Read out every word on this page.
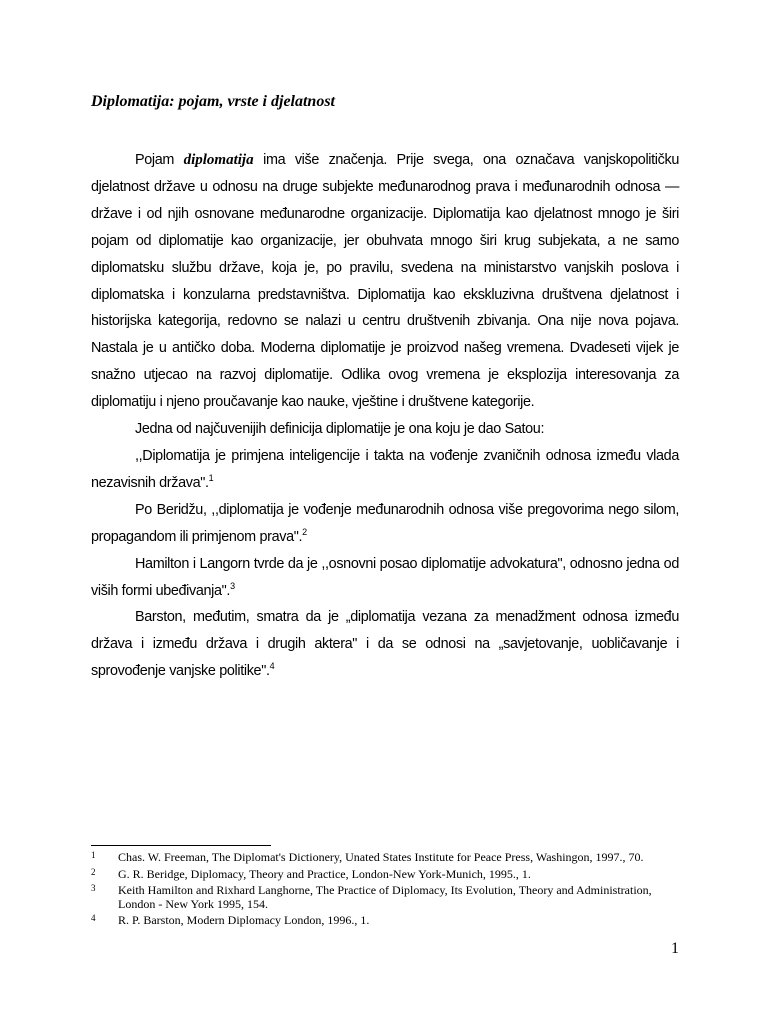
Diplomatija: pojam, vrste i djelatnost

Pojam diplomatija ima više značenja. Prije svega, ona označava vanjskopolitičku djelatnost države u odnosu na druge subjekte međunarodnog prava i međunarodnih odnosa — države i od njih osnovane međunarodne organizacije. Diplomatija kao djelatnost mnogo je širi pojam od diplomatije kao organizacije, jer obuhvata mnogo širi krug subjekata, a ne samo diplomatsku službu države, koja je, po pravilu, svedena na ministarstvo vanjskih poslova i diplomatska i konzularna predstavništva. Diplomatija kao ekskluzivna društvena djelatnost i historijska kategorija, redovno se nalazi u centru društvenih zbivanja. Ona nije nova pojava. Nastala je u antičko doba. Moderna diplomatije je proizvod našeg vremena. Dvadeseti vijek je snažno utjecao na razvoj diplomatije. Odlika ovog vremena je eksplozija interesovanja za diplomatiju i njeno proučavanje kao nauke, vještine i društvene kategorije.

Jedna od najčuvenijih definicija diplomatije je ona koju je dao Satou:

,,Diplomatija je primjena inteligencije i takta na vođenje zvaničnih odnosa između vlada nezavisnih država".$^1$

Po Beridžu, ,,diplomatija je vođenje međunarodnih odnosa više pregovorima nego silom, propagandom ili primjenom prava".$^2$

Hamilton i Langorn tvrde da je ,,osnovni posao diplomatije advokatura", odnosno jedna od viših formi ubeđivanja".$^3$

Barston, međutim, smatra da je „diplomatija vezana za menadžment odnosa između država i između država i drugih aktera" i da se odnosi na „savjetovanje, uobličavanje i sprovođenje vanjske politike".$^4$

1 Chas. W. Freeman, The Diplomat's Dictionery, Unated States Institute for Peace Press, Washingon, 1997., 70.
2 G. R. Beridge, Diplomacy, Theory and Practice, London-New York-Munich, 1995., 1.
3 Keith Hamilton and Rixhard Langhorne, The Practice of Diplomacy, Its Evolution, Theory and Administration, London - New York 1995, 154.
4 R. P. Barston, Modern Diplomacy London, 1996., 1.
1
